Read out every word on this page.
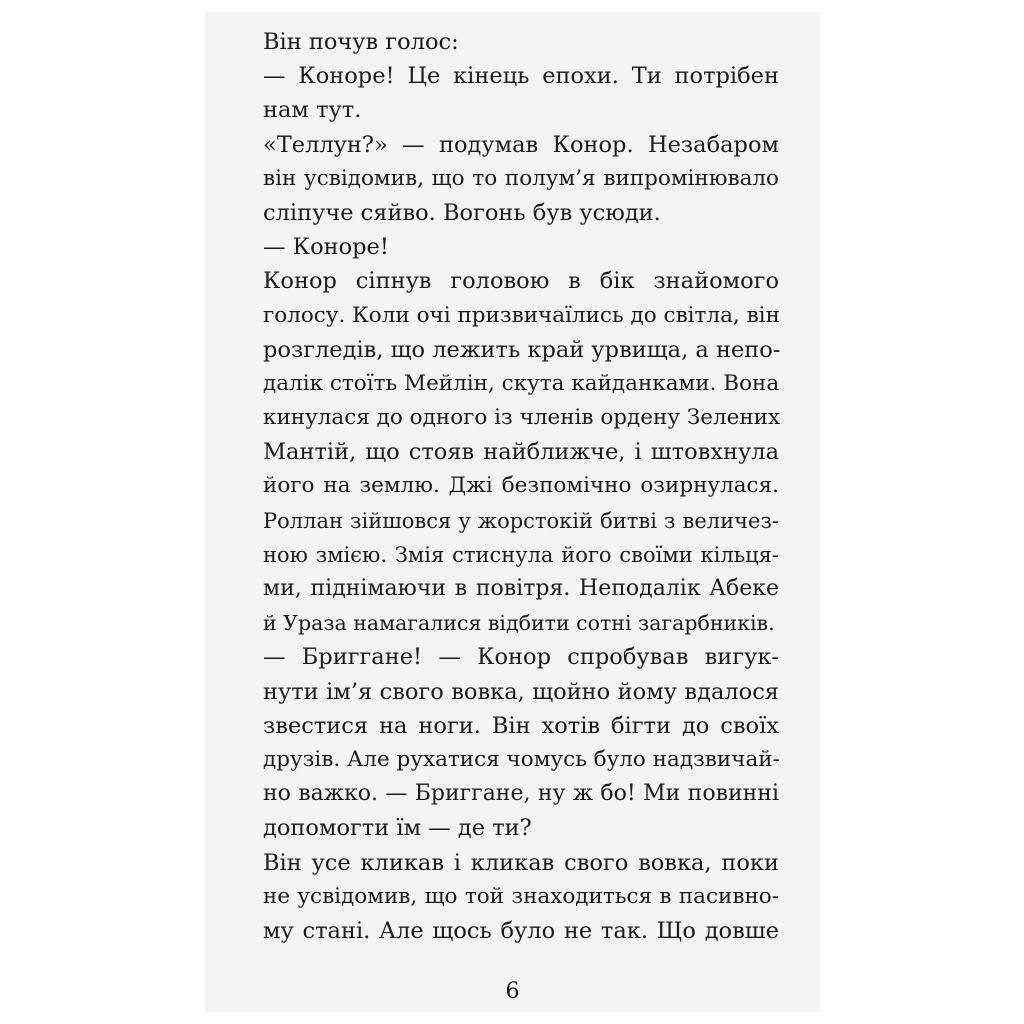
Він почув голос:
— Коноре! Це кінець епохи. Ти потрібен
нам тут.
«Теллун?» — подумав Конор. Незабаром
він усвідомив, що то полум’я випромінювало
сліпуче сяйво. Вогонь був усюди.
— Коноре!
Конор сіпнув головою в бік знайомого
голосу. Коли очі призвичаїлись до світла, він
розгледів, що лежить край урвища, а непо-
далік стоїть Мейлін, скута кайданками. Вона
кинулася до одного із членів ордену Зелених
Мантій, що стояв найближче, і штовхнула
його на землю. Джі безпомічно озирнулася.
Роллан зійшовся у жорстокій битві з величез-
ною змією. Змія стиснула його своїми кільця-
ми, піднімаючи в повітря. Неподалік Абеке
й Ураза намагалися відбити сотні загарбників.
— Бриггане! — Конор спробував вигук-
нути ім’я свого вовка, щойно йому вдалося
звестися на ноги. Він хотів бігти до своїх
друзів. Але рухатися чомусь було надзвичай-
но важко. — Бриггане, ну ж бо! Ми повинні
допомогти їм — де ти?
Він усе кликав і кликав свого вовка, поки
не усвідомив, що той знаходиться в пасивно-
му стані. Але щось було не так. Що довше
6
